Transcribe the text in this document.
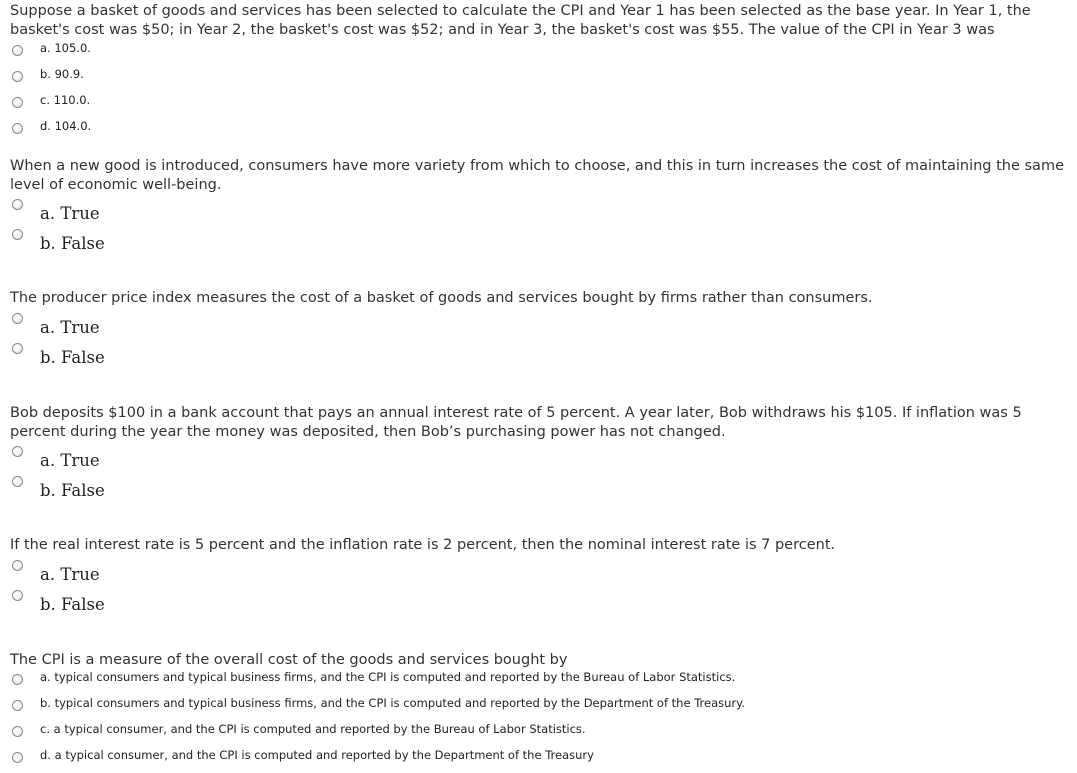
Suppose a basket of goods and services has been selected to calculate the CPI and Year 1 has been selected as the base year. In Year 1, the basket's cost was $50; in Year 2, the basket's cost was $52; and in Year 3, the basket's cost was $55. The value of the CPI in Year 3 was

a. 105.0.
b. 90.9.
c. 110.0.
d. 104.0.

When a new good is introduced, consumers have more variety from which to choose, and this in turn increases the cost of maintaining the same level of economic well-being.

a. True
b. False

The producer price index measures the cost of a basket of goods and services bought by firms rather than consumers.

a. True
b. False

Bob deposits $100 in a bank account that pays an annual interest rate of 5 percent. A year later, Bob withdraws his $105. If inflation was 5 percent during the year the money was deposited, then Bob’s purchasing power has not changed.

a. True
b. False

If the real interest rate is 5 percent and the inflation rate is 2 percent, then the nominal interest rate is 7 percent.

a. True
b. False

The CPI is a measure of the overall cost of the goods and services bought by

a. typical consumers and typical business firms, and the CPI is computed and reported by the Bureau of Labor Statistics.
b. typical consumers and typical business firms, and the CPI is computed and reported by the Department of the Treasury.
c. a typical consumer, and the CPI is computed and reported by the Bureau of Labor Statistics.
d. a typical consumer, and the CPI is computed and reported by the Department of the Treasury
